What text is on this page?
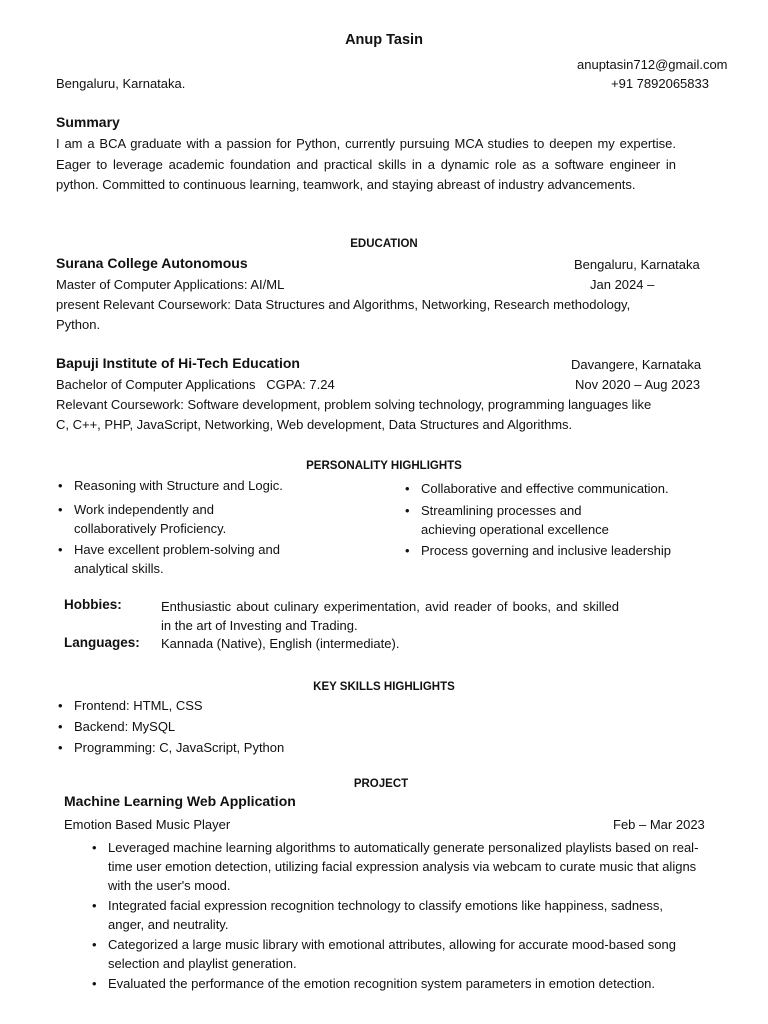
Anup Tasin
anuptasin712@gmail.com
Bengaluru, Karnataka.	+91 7892065833
Summary
I am a BCA graduate with a passion for Python, currently pursuing MCA studies to deepen my expertise. Eager to leverage academic foundation and practical skills in a dynamic role as a software engineer in python. Committed to continuous learning, teamwork, and staying abreast of industry advancements.
EDUCATION
Surana College Autonomous	Bengaluru, Karnataka
Master of Computer Applications: AI/ML	Jan 2024 –
present Relevant Coursework: Data Structures and Algorithms, Networking, Research methodology,
Python.
Bapuji Institute of Hi-Tech Education	Davangere, Karnataka
Bachelor of Computer Applications   CGPA: 7.24	Nov 2020 – Aug 2023
Relevant Coursework: Software development, problem solving technology, programming languages like
C, C++, PHP, JavaScript, Networking, Web development, Data Structures and Algorithms.
PERSONALITY HIGHLIGHTS
• Reasoning with Structure and Logic.
• Work independently and collaboratively Proficiency.
• Have excellent problem-solving and analytical skills.
• Collaborative and effective communication.
• Streamlining processes and achieving operational excellence
• Process governing and inclusive leadership
Hobbies:	Enthusiastic about culinary experimentation, avid reader of books, and skilled in the art of Investing and Trading.
Languages: Kannada (Native), English (intermediate).
KEY SKILLS HIGHLIGHTS
• Frontend: HTML, CSS
• Backend: MySQL
• Programming: C, JavaScript, Python
PROJECT
Machine Learning Web Application
Emotion Based Music Player	Feb – Mar 2023
• Leveraged machine learning algorithms to automatically generate personalized playlists based on real-time user emotion detection, utilizing facial expression analysis via webcam to curate music that aligns with the user's mood.
• Integrated facial expression recognition technology to classify emotions like happiness, sadness, anger, and neutrality.
• Categorized a large music library with emotional attributes, allowing for accurate mood-based song selection and playlist generation.
• Evaluated the performance of the emotion recognition system parameters in emotion detection.
